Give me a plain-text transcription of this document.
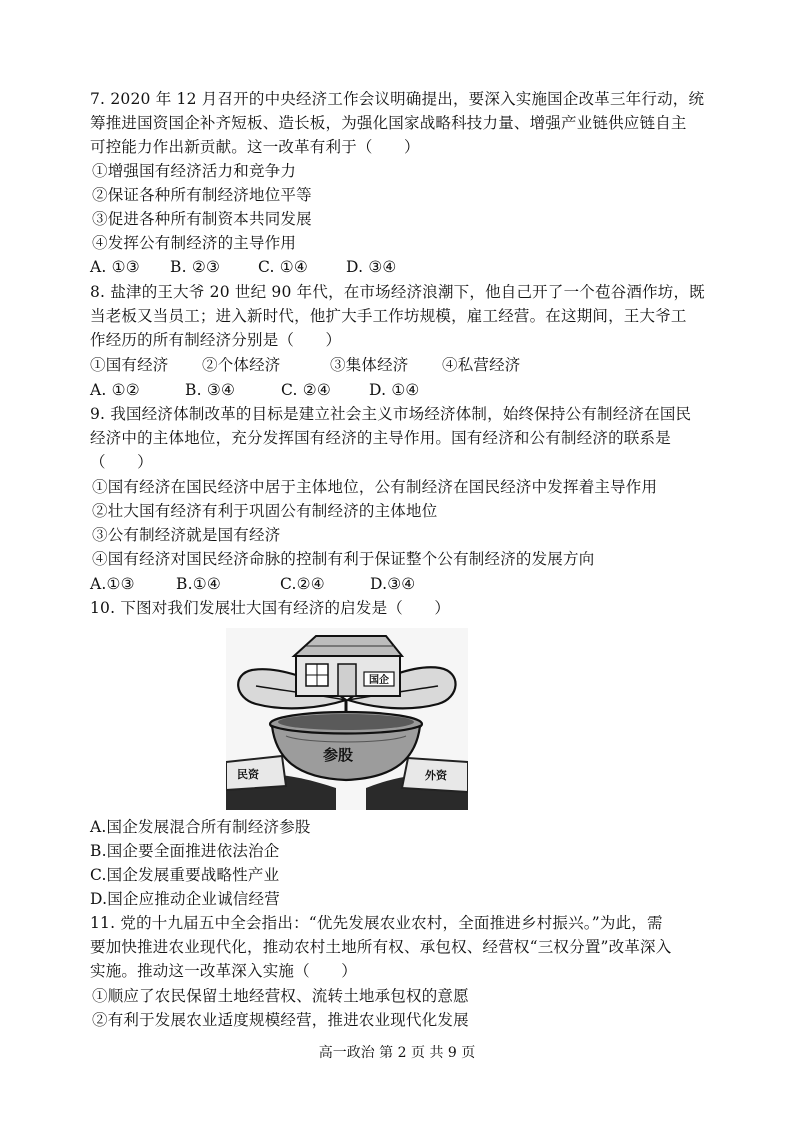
7. 2020 年 12 月召开的中央经济工作会议明确提出，要深入实施国企改革三年行动，统
筹推进国资国企补齐短板、造长板，为强化国家战略科技力量、增强产业链供应链自主
可控能力作出新贡献。这一改革有利于（　　）
①增强国有经济活力和竞争力
②保证各种所有制经济地位平等
③促进各种所有制资本共同发展
④发挥公有制经济的主导作用
A. ①③ B. ②③ C. ①④ D. ③④
8. 盐津的王大爷 20 世纪 90 年代，在市场经济浪潮下，他自己开了一个苞谷酒作坊，既
当老板又当员工；进入新时代，他扩大手工作坊规模，雇工经营。在这期间，王大爷工
作经历的所有制经济分别是（　　）
①国有经济 ②个体经济	③集体经济 ④私营经济
A. ①②	B. ③④	C. ②④ D. ①④
9. 我国经济体制改革的目标是建立社会主义市场经济体制，始终保持公有制经济在国民
经济中的主体地位，充分发挥国有经济的主导作用。国有经济和公有制经济的联系是
（　　）
①国有经济在国民经济中居于主体地位，公有制经济在国民经济中发挥着主导作用
②壮大国有经济有利于巩固公有制经济的主体地位
③公有制经济就是国有经济
④国有经济对国民经济命脉的控制有利于保证整个公有制经济的发展方向
A.①③	B.①④	C.②④	D.③④
10. 下图对我们发展壮大国有经济的启发是（　　）
国企
参股
民资	外资
A.国企发展混合所有制经济参股
B.国企要全面推进依法治企
C.国企发展重要战略性产业
D.国企应推动企业诚信经营
11. 党的十九届五中全会指出：“优先发展农业农村，全面推进乡村振兴。”为此，需
要加快推进农业现代化，推动农村土地所有权、承包权、经营权“三权分置”改革深入
实施。推动这一改革深入实施（　　）
①顺应了农民保留土地经营权、流转土地承包权的意愿
②有利于发展农业适度规模经营，推进农业现代化发展
高一政治 第 2 页 共 9 页
